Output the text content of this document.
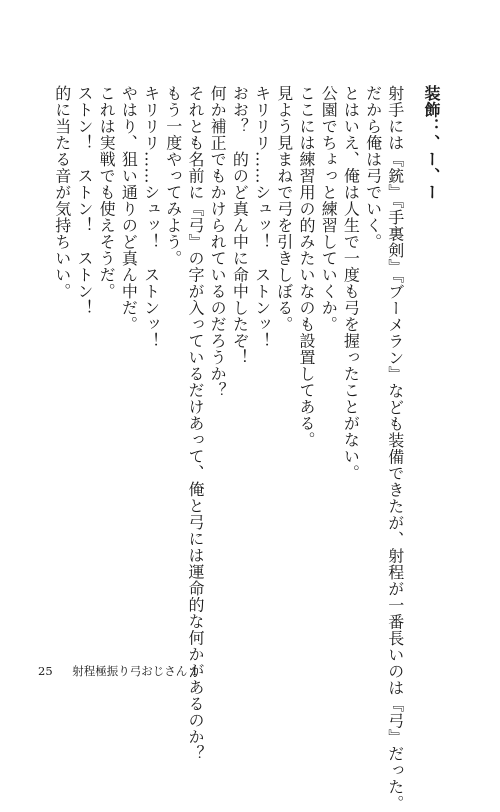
装飾：、ー、ー
射手には『銃』『手裏剣』『ブーメラン』なども装備できたが、射程が一番長いのは『弓』だった。
だから俺は弓でいく。
とはいえ、俺は人生で一度も弓を握ったことがない。
公園でちょっと練習していくか。
ここには練習用の的みたいなのも設置してある。
見よう見まねで弓を引きしぼる。
キリリリ……シュッ！　ストンッ！
おお？　的のど真ん中に命中したぞ！
何か補正でもかけられているのだろうか？
それとも名前に『弓』の字が入っているだけあって、俺と弓には運命的な何かがあるのか？
もう一度やってみよう。
キリリリ……シュッ！　ストンッ！
やはり、狙い通りのど真ん中だ。
これは実戦でも使えそうだ。
ストン！　ストン！　ストン！
的に当たる音が気持ちいい。
25 射程極振り弓おじさん 1
